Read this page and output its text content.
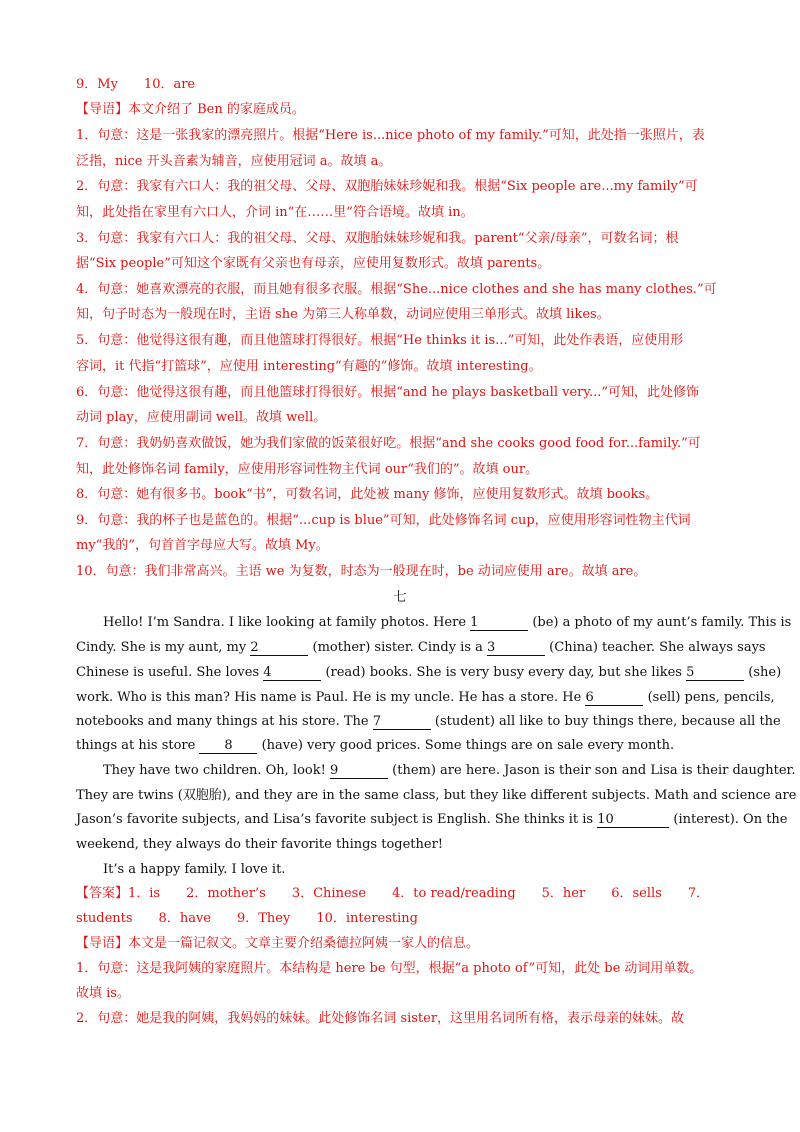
9．My　　10．are
【导语】本文介绍了 Ben 的家庭成员。
1．句意：这是一张我家的漂亮照片。根据“Here is...nice photo of my family.”可知，此处指一张照片，表
泛指，nice 开头音素为辅音，应使用冠词 a。故填 a。
2．句意：我家有六口人：我的祖父母、父母、双胞胎妹妹珍妮和我。根据“Six people are...my family”可
知，此处指在家里有六口人，介词 in“在……里”符合语境。故填 in。
3．句意：我家有六口人：我的祖父母、父母、双胞胎妹妹珍妮和我。parent“父亲/母亲”，可数名词；根
据“Six people”可知这个家既有父亲也有母亲，应使用复数形式。故填 parents。
4．句意：她喜欢漂亮的衣服，而且她有很多衣服。根据“She...nice clothes and she has many clothes.”可
知，句子时态为一般现在时，主语 she 为第三人称单数，动词应使用三单形式。故填 likes。
5．句意：他觉得这很有趣，而且他篮球打得很好。根据“He thinks it is...”可知，此处作表语，应使用形
容词，it 代指“打篮球”，应使用 interesting“有趣的”修饰。故填 interesting。
6．句意：他觉得这很有趣，而且他篮球打得很好。根据“and he plays basketball very...”可知，此处修饰
动词 play，应使用副词 well。故填 well。
7．句意：我奶奶喜欢做饭，她为我们家做的饭菜很好吃。根据“and she cooks good food for...family.”可
知，此处修饰名词 family，应使用形容词性物主代词 our“我们的”。故填 our。
8．句意：她有很多书。book“书”，可数名词，此处被 many 修饰，应使用复数形式。故填 books。
9．句意：我的杯子也是蓝色的。根据“...cup is blue”可知，此处修饰名词 cup，应使用形容词性物主代词
my“我的”，句首首字母应大写。故填 My。
10．句意：我们非常高兴。主语 we 为复数，时态为一般现在时，be 动词应使用 are。故填 are。
七
Hello! I’m Sandra. I like looking at family photos. Here 1	(be) a photo of my aunt’s family. This is
Cindy. She is my aunt, my 2	(mother) sister. Cindy is a 3	(China) teacher. She always says
Chinese is useful. She loves 4	(read) books. She is very busy every day, but she likes 5	(she)
work. Who is this man? His name is Paul. He is my uncle. He has a store. He 6	(sell) pens, pencils,
notebooks and many things at his store. The 7	(student) all like to buy things there, because all the
things at his store 8 (have) very good prices. Some things are on sale every month.
They have two children. Oh, look! 9	(them) are here. Jason is their son and Lisa is their daughter.
They are twins (双胞胎), and they are in the same class, but they like different subjects. Math and science are
Jason’s favorite subjects, and Lisa’s favorite subject is English. She thinks it is 10	(interest). On the
weekend, they always do their favorite things together!
It’s a happy family. I love it.
【答案】1．is　　2．mother’s　　3．Chinese　　4．to read/reading　　5．her　　6．sells　　7．
students　　8．have　　9．They　　10．interesting
【导语】本文是一篇记叙文。文章主要介绍桑德拉阿姨一家人的信息。
1．句意：这是我阿姨的家庭照片。本结构是 here be 句型，根据“a photo of”可知，此处 be 动词用单数。
故填 is。
2．句意：她是我的阿姨，我妈妈的妹妹。此处修饰名词 sister，这里用名词所有格，表示母亲的妹妹。故
